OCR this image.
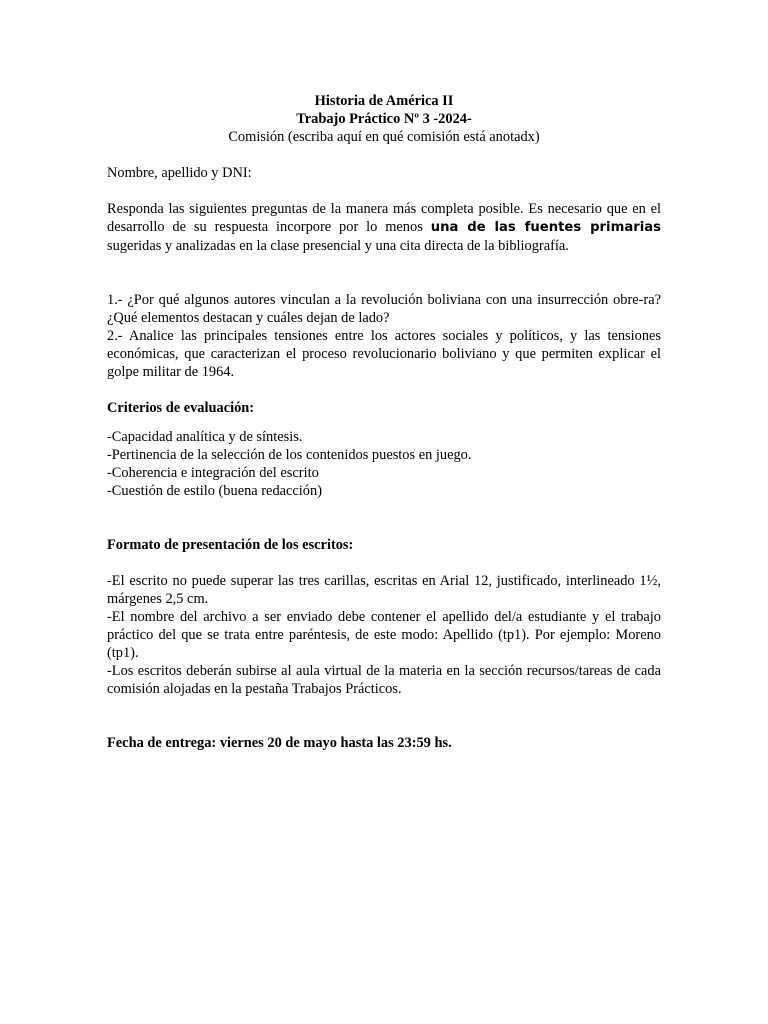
Historia de América II

Trabajo Práctico Nº 3 -2024-

Comisión (escriba aquí en qué comisión está anotadx)

Nombre, apellido y DNI:

Responda las siguientes preguntas de la manera más completa posible. Es necesario que en el desarrollo de su respuesta incorpore por lo menos una de las fuentes primarias sugeridas y analizadas en la clase presencial y una cita directa de la bibliografía.

1.- ¿Por qué algunos autores vinculan a la revolución boliviana con una insurrección obre-ra? ¿Qué elementos destacan y cuáles dejan de lado?

2.- Analice las principales tensiones entre los actores sociales y políticos, y las tensiones económicas, que caracterizan el proceso revolucionario boliviano y que permiten explicar el golpe militar de 1964.

Criterios de evaluación:

-Capacidad analítica y de síntesis.

-Pertinencia de la selección de los contenidos puestos en juego.

-Coherencia e integración del escrito

-Cuestión de estilo (buena redacción)

Formato de presentación de los escritos:

-El escrito no puede superar las tres carillas, escritas en Arial 12, justificado, interlineado 1½, márgenes 2,5 cm.

-El nombre del archivo a ser enviado debe contener el apellido del/a estudiante y el trabajo práctico del que se trata entre paréntesis, de este modo: Apellido (tp1). Por ejemplo: Moreno (tp1).

-Los escritos deberán subirse al aula virtual de la materia en la sección recursos/tareas de cada comisión alojadas en la pestaña Trabajos Prácticos.

Fecha de entrega: viernes 20 de mayo hasta las 23:59 hs.
